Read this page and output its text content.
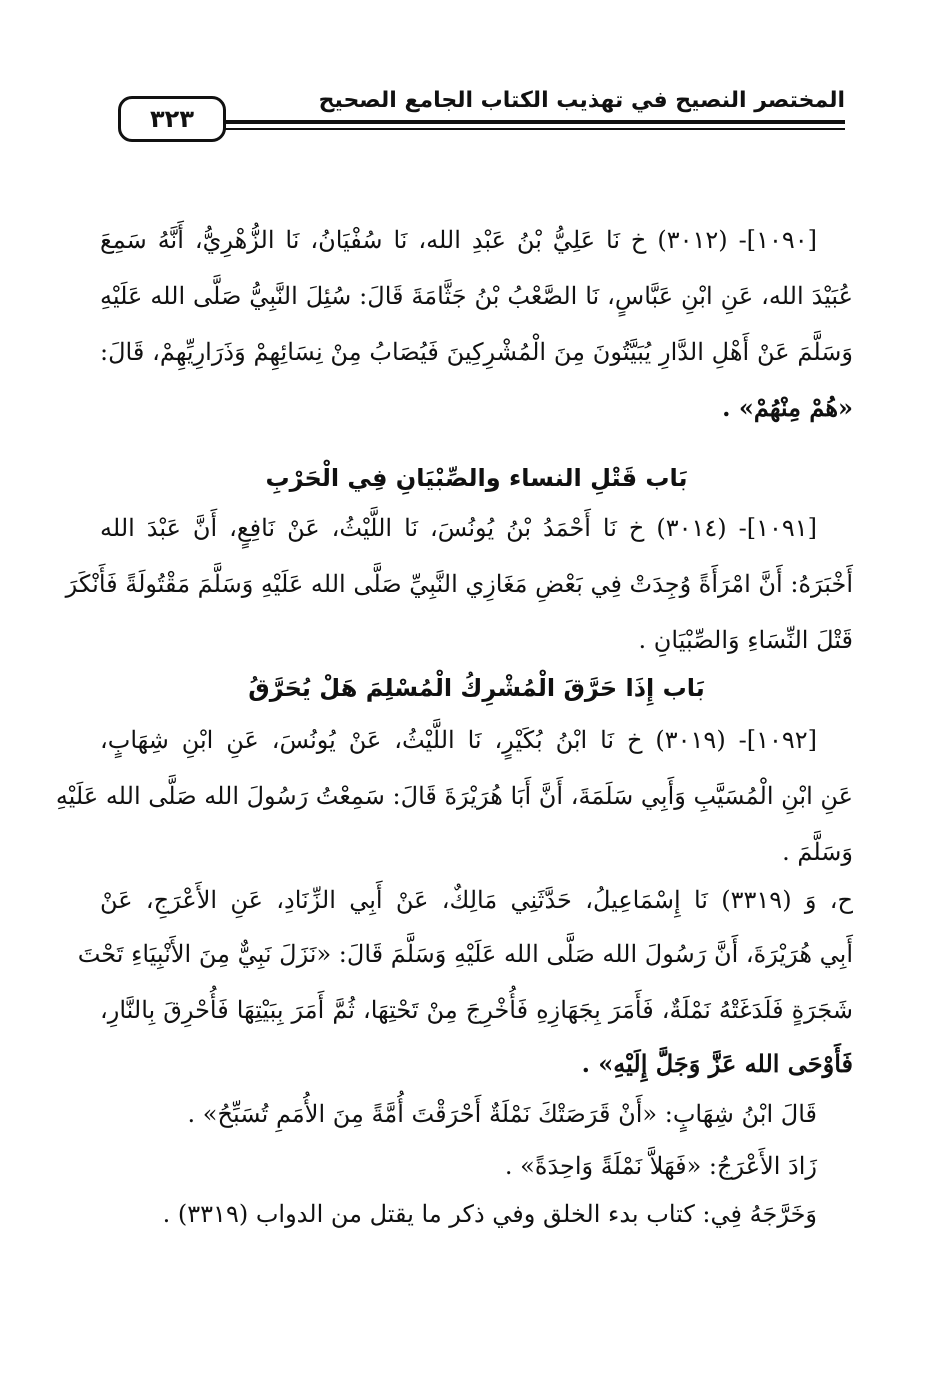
المختصر النصيح في تهذيب الكتاب الجامع الصحيح
٣٢٣
[١٠٩٠]- (٣٠١٢) خ نَا عَلِيُّ بْنُ عَبْدِ الله، نَا سُفْيَانُ، نَا الزُّهْرِيُّ، أَنَّهُ سَمِعَ
عُبَيْدَ الله، عَنِ ابْنِ عَبَّاسٍ، نَا الصَّعْبُ بْنُ جَثَّامَةَ قَالَ: سُئِلَ النَّبِيُّ صَلَّى الله عَلَيْهِ
وَسَلَّمَ عَنْ أَهْلِ الدَّارِ يُبَيَّتُونَ مِنَ الْمُشْرِكِينَ فَيُصَابُ مِنْ نِسَائِهِمْ وَذَرَارِيِّهِمْ، قَالَ:
«هُمْ مِنْهُمْ» .
بَاب قَتْلِ النساء والصِّبْيَانِ فِي الْحَرْبِ
[١٠٩١]- (٣٠١٤) خ نَا أَحْمَدُ بْنُ يُونُسَ، نَا اللَّيْثُ، عَنْ نَافِعٍ، أَنَّ عَبْدَ الله
أَخْبَرَهُ: أَنَّ امْرَأَةً وُجِدَتْ فِي بَعْضِ مَغَازِي النَّبِيِّ صَلَّى الله عَلَيْهِ وَسَلَّمَ مَقْتُولَةً فَأَنْكَرَ
قَتْلَ النِّسَاءِ وَالصِّبْيَانِ .
بَاب إِذَا حَرَّقَ الْمُشْرِكُ الْمُسْلِمَ هَلْ يُحَرَّقُ
[١٠٩٢]- (٣٠١٩) خ نَا ابْنُ بُكَيْرٍ، نَا اللَّيْثُ، عَنْ يُونُسَ، عَنِ ابْنِ شِهَابٍ،
عَنِ ابْنِ الْمُسَيَّبِ وَأَبِي سَلَمَةَ، أَنَّ أَبَا هُرَيْرَةَ قَالَ: سَمِعْتُ رَسُولَ الله صَلَّى الله عَلَيْهِ
وَسَلَّمَ .
ح، وَ (٣٣١٩) نَا إِسْمَاعِيلُ، حَدَّثَنِي مَالِكٌ، عَنْ أَبِي الزِّنَادِ، عَنِ الأَعْرَجِ، عَنْ
أَبِي هُرَيْرَةَ، أَنَّ رَسُولَ الله صَلَّى الله عَلَيْهِ وَسَلَّمَ قَالَ: «نَزَلَ نَبِيٌّ مِنَ الأَنْبِيَاءِ تَحْتَ
شَجَرَةٍ فَلَدَغَتْهُ نَمْلَةٌ، فَأَمَرَ بِجَهَازِهِ فَأُخْرِجَ مِنْ تَحْتِهَا، ثُمَّ أَمَرَ بِبَيْتِهَا فَأُحْرِقَ بِالنَّارِ،
فَأَوْحَى الله عَزَّ وَجَلَّ إِلَيْهِ» .
قَالَ ابْنُ شِهَابٍ: «أَنْ قَرَصَتْكَ نَمْلَةٌ أَحْرَقْتَ أُمَّةً مِنَ الأُمَمِ تُسَبِّحُ» .
زَادَ الأَعْرَجُ: «فَهَلاَّ نَمْلَةً وَاحِدَةً» .
وَخَرَّجَهُ فِي: كتاب بدء الخلق وفي ذكر ما يقتل من الدواب (٣٣١٩) .
